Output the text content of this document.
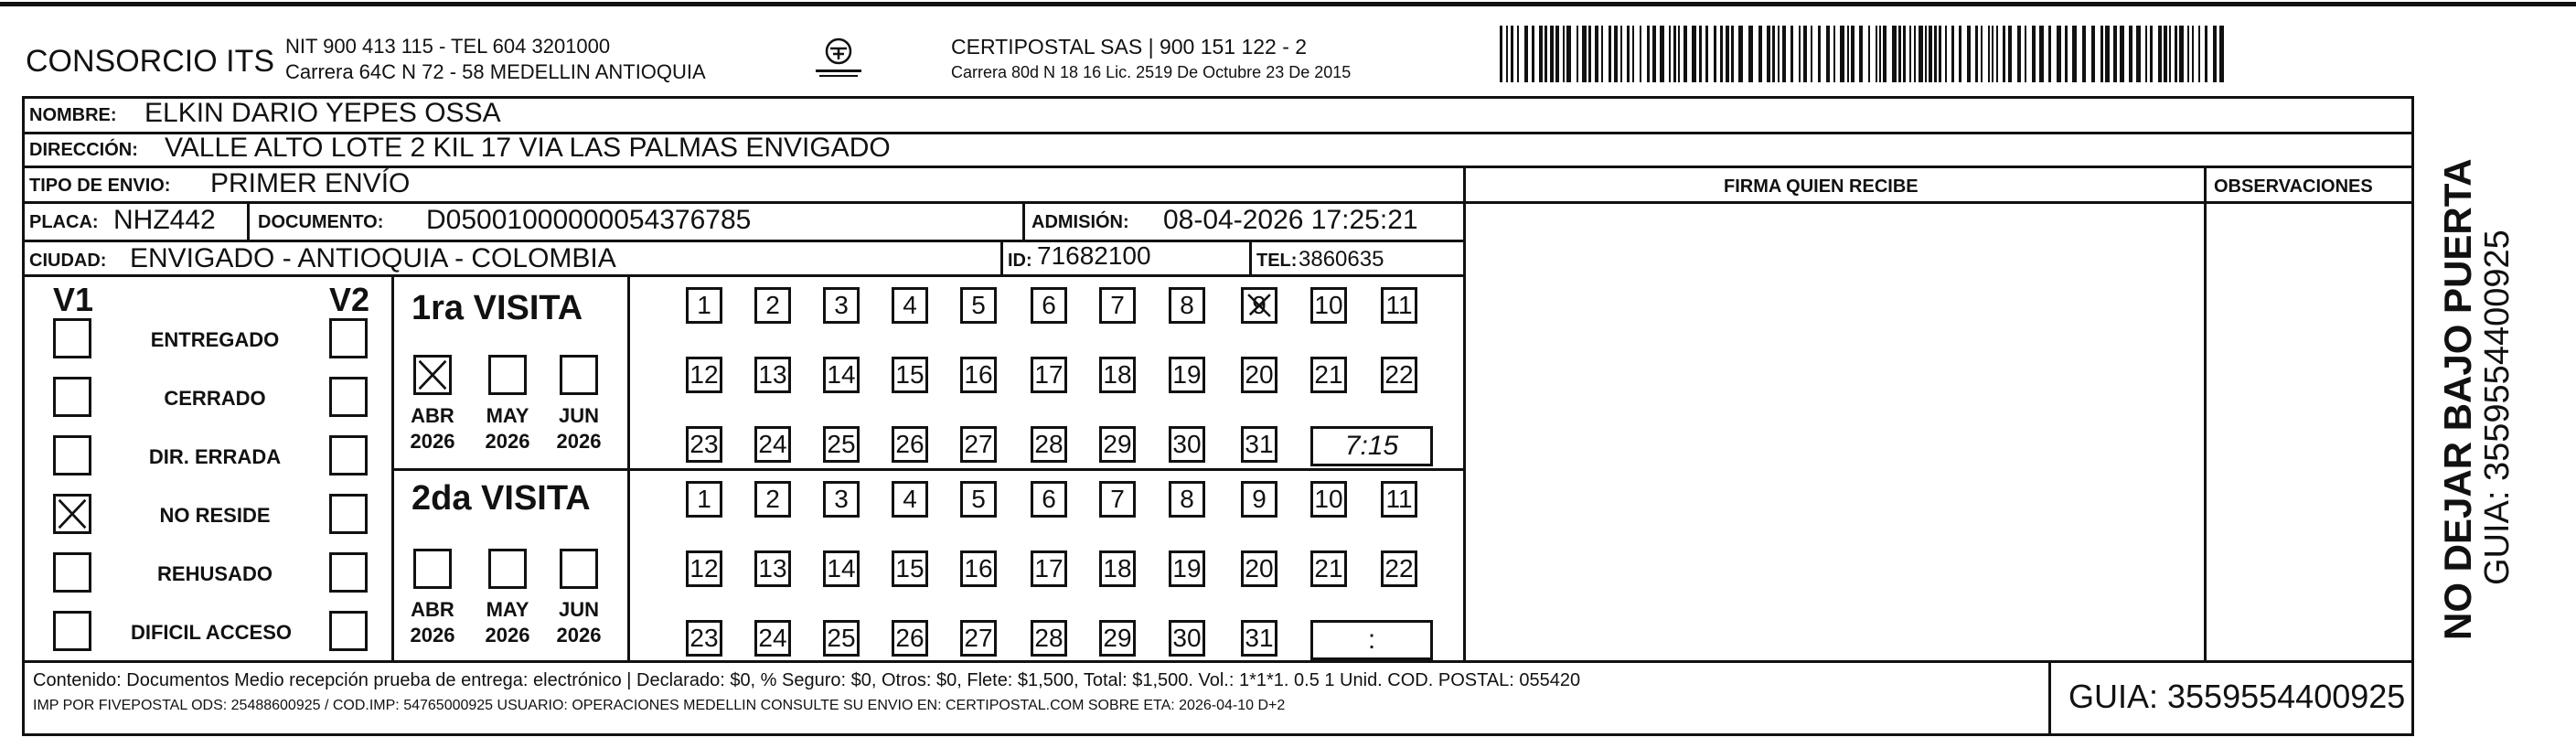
CONSORCIO ITS NIT 900 413 115 - TEL 604 3201000
Carrera 64C N 72 - 58 MEDELLIN ANTIOQUIA
CERTIPOSTAL SAS | 900 151 122 - 2
Carrera 80d N 18 16 Lic. 2519 De Octubre 23 De 2015
NOMBRE: ELKIN DARIO YEPES OSSA
DIRECCIÓN: VALLE ALTO LOTE 2 KIL 17 VIA LAS PALMAS ENVIGADO
TIPO DE ENVIO: PRIMER ENVÍO	FIRMA QUIEN RECIBE	OBSERVACIONES
PLACA: NHZ442 DOCUMENTO: D05001000000054376785	ADMISIÓN: 08-04-2026 17:25:21
CIUDAD: ENVIGADO - ANTIOQUIA - COLOMBIA	ID: 71682100	TEL: 3860635
V1	V2
ENTREGADO
CERRADO
DIR. ERRADA
NO RESIDE
REHUSADO
DIFICIL ACCESO
1ra VISITA
ABR
2026
MAY
2026
JUN
2026
1	2	3	4	5	6	7	8	9	10 11
12 13 14 15 16 17 18 19 20 21 22
23 24 25 26 27 28 29 30 31	7:15
2da VISITA
ABR
2026
MAY
2026
JUN
2026
1	2	3	4	5	6	7	8	9	10 11
12 13 14 15 16 17 18 19 20 21 22
23 24 25 26 27 28 29 30 31	:
Contenido: Documentos Medio recepción prueba de entrega: electrónico | Declarado: $0, % Seguro: $0, Otros: $0, Flete: $1,500, Total: $1,500. Vol.: 1*1*1. 0.5 1 Unid. COD. POSTAL: 055420
IMP POR FIVEPOSTAL ODS: 25488600925 / COD.IMP: 54765000925 USUARIO: OPERACIONES MEDELLIN CONSULTE SU ENVIO EN: CERTIPOSTAL.COM SOBRE ETA: 2026-04-10 D+2	GUIA: 3559554400925
NO DEJAR BAJO PUERTA GUIA: 3559554400925
